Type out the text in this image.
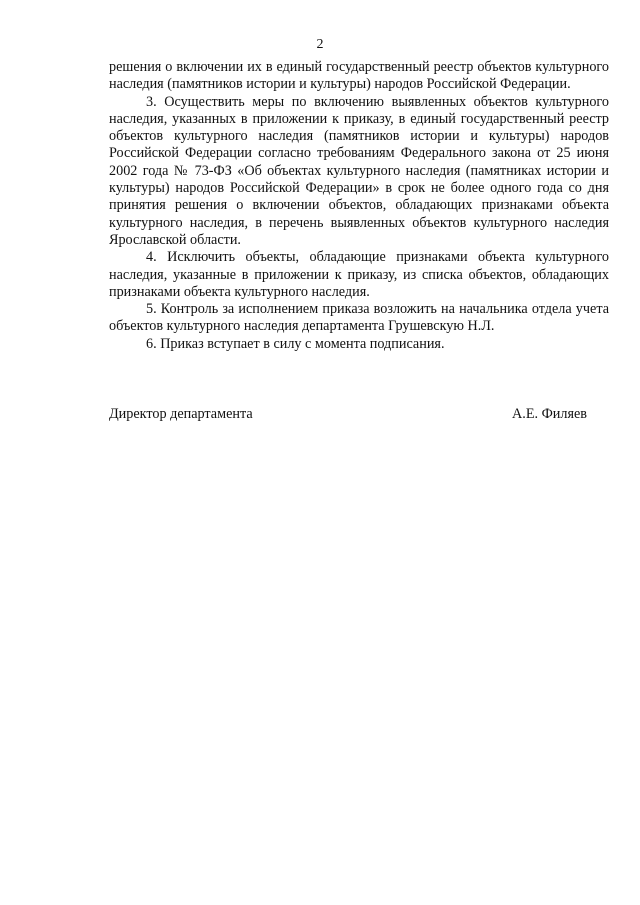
2

решения о включении их в единый государственный реестр объектов культурного наследия (памятников истории и культуры) народов Российской Федерации.

3. Осуществить меры по включению выявленных объектов культурного наследия, указанных в приложении к приказу, в единый государственный реестр объектов культурного наследия (памятников истории и культуры) народов Российской Федерации согласно требованиям Федерального закона от 25 июня 2002 года № 73-ФЗ «Об объектах культурного наследия (памятниках истории и культуры) народов Российской Федерации» в срок не более одного года со дня принятия решения о включении объектов, обладающих признаками объекта культурного наследия, в перечень выявленных объектов культурного наследия Ярославской области.

4. Исключить объекты, обладающие признаками объекта культурного наследия, указанные в приложении к приказу, из списка объектов, обладающих признаками объекта культурного наследия.

5. Контроль за исполнением приказа возложить на начальника отдела учета объектов культурного наследия департамента Грушевскую Н.Л.

6. Приказ вступает в силу с момента подписания.

Директор департамента	А.Е. Филяев
